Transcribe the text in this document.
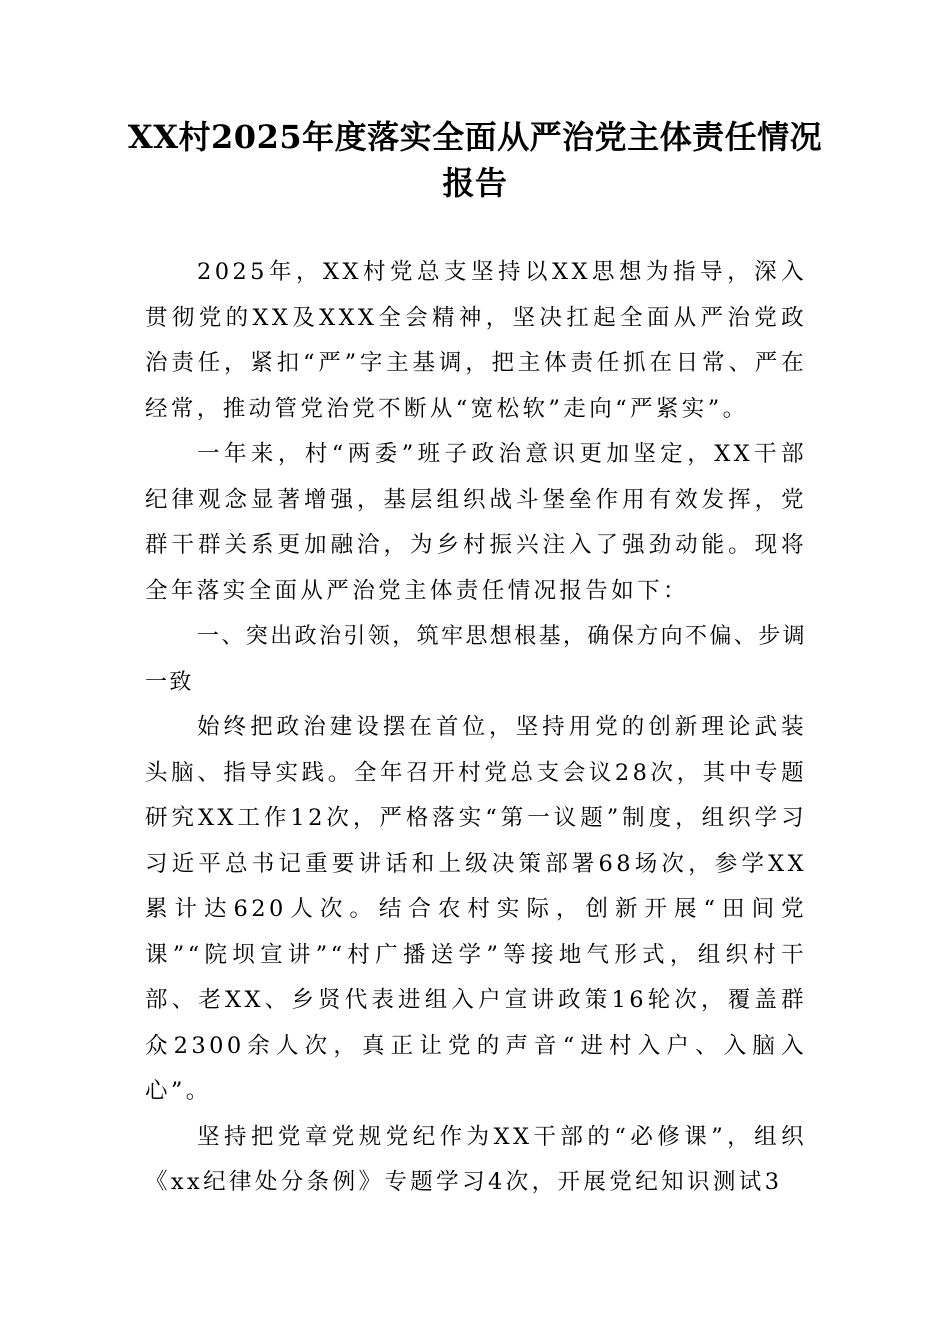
XX村2025年度落实全面从严治党主体责任情况报告

2025年，XX村党总支坚持以XX思想为指导，深入贯彻党的XX及XXX全会精神，坚决扛起全面从严治党政治责任，紧扣“严”字主基调，把主体责任抓在日常、严在经常，推动管党治党不断从“宽松软”走向“严紧实”。

一年来，村“两委”班子政治意识更加坚定，XX干部纪律观念显著增强，基层组织战斗堡垒作用有效发挥，党群干群关系更加融洽，为乡村振兴注入了强劲动能。现将全年落实全面从严治党主体责任情况报告如下：

一、突出政治引领，筑牢思想根基，确保方向不偏、步调一致

始终把政治建设摆在首位，坚持用党的创新理论武装头脑、指导实践。全年召开村党总支会议28次，其中专题研究XX工作12次，严格落实“第一议题”制度，组织学习习近平总书记重要讲话和上级决策部署68场次，参学XX累计达620人次。结合农村实际，创新开展“田间党课”“院坝宣讲”“村广播送学”等接地气形式，组织村干部、老XX、乡贤代表进组入户宣讲政策16轮次，覆盖群众2300余人次，真正让党的声音“进村入户、入脑入心”。

坚持把党章党规党纪作为XX干部的“必修课”，组织《xx纪律处分条例》专题学习4次，开展党纪知识测试3
